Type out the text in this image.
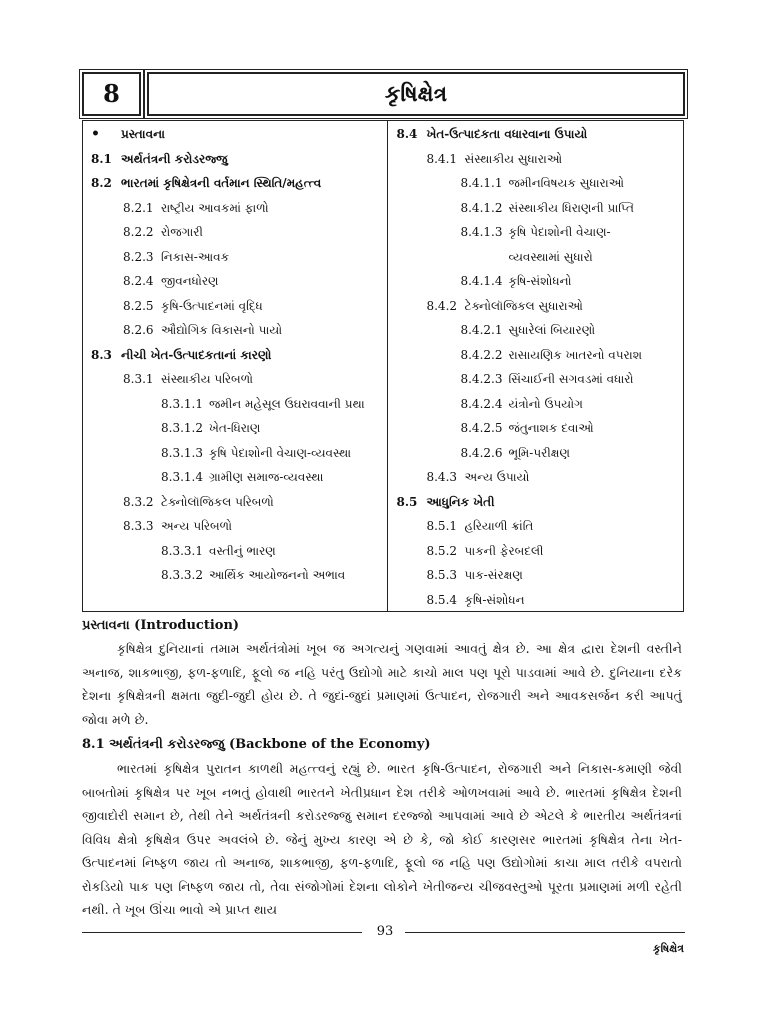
8	કૃષિક્ષેત્ર
•	પ્રસ્તાવના
8.1 અર્થતંત્રની કરોડરજ્જુ
8.2 ભારતમાં કૃષિક્ષેત્રની વર્તમાન સ્થિતિ/મહત્ત્વ
8.2.1 રાષ્ટ્રીય આવકમાં ફાળો
8.2.2 રોજગારી
8.2.3 નિકાસ-આવક
8.2.4 જીવનધોરણ
8.2.5 કૃષિ-ઉત્પાદનમાં વૃદ્ધિ
8.2.6 ઔદ્યોગિક વિકાસનો પાયો
8.3 નીચી ખેત-ઉત્પાદકતાનાં કારણો
8.3.1 સંસ્થાકીય પરિબળો
8.3.1.1 જમીન મહેસૂલ ઉઘરાવવાની પ્રથા
8.3.1.2 ખેત-ધિરાણ
8.3.1.3 કૃષિ પેદાશોની વેચાણ-વ્યવસ્થા
8.3.1.4 ગ્રામીણ સમાજ-વ્યવસ્થા
8.3.2 ટેક્નોલૉજિકલ પરિબળો
8.3.3 અન્ય પરિબળો
8.3.3.1 વસ્તીનું ભારણ
8.3.3.2 આર્થિક આયોજનનો અભાવ
8.4 ખેત-ઉત્પાદકતા વધારવાના ઉપાયો
8.4.1 સંસ્થાકીય સુધારાઓ
8.4.1.1 જમીનવિષયક સુધારાઓ
8.4.1.2 સંસ્થાકીય ધિરાણની પ્રાપ્તિ
8.4.1.3 કૃષિ પેદાશોની વેચાણ-
વ્યવસ્થામાં સુધારો
8.4.1.4 કૃષિ-સંશોધનો
8.4.2 ટેક્નોલૉજિકલ સુધારાઓ
8.4.2.1 સુધારેલાં બિયારણો
8.4.2.2 રાસાયણિક ખાતરનો વપરાશ
8.4.2.3 સિંચાઈની સગવડમાં વધારો
8.4.2.4 યંત્રોનો ઉપયોગ
8.4.2.5 જંતુનાશક દવાઓ
8.4.2.6 ભૂમિ-પરીક્ષણ
8.4.3 અન્ય ઉપાયો
8.5 આધુનિક ખેતી
8.5.1 હરિયાળી ક્રાંતિ
8.5.2 પાકની ફેરબદલી
8.5.3 પાક-સંરક્ષણ
8.5.4 કૃષિ-સંશોધન
પ્રસ્તાવના (Introduction)

કૃષિક્ષેત્ર દુનિયાનાં તમામ અર્થતંત્રોમાં ખૂબ જ અગત્યનું ગણવામાં આવતું ક્ષેત્ર છે. આ ક્ષેત્ર દ્વારા દેશની વસ્તીને અનાજ, શાકભાજી, ફળ-ફળાદિ, ફૂલો જ નહિ પરંતુ ઉદ્યોગો માટે કાચો માલ પણ પૂરો પાડવામાં આવે છે. દુનિયાના દરેક દેશના કૃષિક્ષેત્રની ક્ષમતા જુદી-જુદી હોય છે. તે જુદાં-જુદાં પ્રમાણમાં ઉત્પાદન, રોજગારી અને આવકસર્જન કરી આપતું જોવા મળે છે.

8.1 અર્થતંત્રની કરોડરજ્જુ (Backbone of the Economy)

ભારતમાં કૃષિક્ષેત્ર પુરાતન કાળથી મહત્ત્વનું રહ્યું છે. ભારત કૃષિ-ઉત્પાદન, રોજગારી અને નિકાસ-કમાણી જેવી બાબતોમાં કૃષિક્ષેત્ર પર ખૂબ નભતું હોવાથી ભારતને ખેતીપ્રધાન દેશ તરીકે ઓળખવામાં આવે છે. ભારતમાં કૃષિક્ષેત્ર દેશની જીવાદોરી સમાન છે, તેથી તેને અર્થતંત્રની કરોડરજ્જુ સમાન દરજ્જો આપવામાં આવે છે એટલે કે ભારતીય અર્થતંત્રનાં વિવિધ ક્ષેત્રો કૃષિક્ષેત્ર ઉપર અવલંબે છે. જેનું મુખ્ય કારણ એ છે કે, જો કોઈ કારણસર ભારતમાં કૃષિક્ષેત્ર તેના ખેત-ઉત્પાદનમાં નિષ્ફળ જાય તો અનાજ, શાકભાજી, ફળ-ફળાદિ, ફૂલો જ નહિ પણ ઉદ્યોગોમાં કાચા માલ તરીકે વપરાતો રોકડિયો પાક પણ નિષ્ફળ જાય તો, તેવા સંજોગોમાં દેશના લોકોને ખેતીજન્ય ચીજવસ્તુઓ પૂરતા પ્રમાણમાં મળી રહેતી નથી. તે ખૂબ ઊંચા ભાવો એ પ્રાપ્ત થાય

93
કૃષિક્ષેત્ર
